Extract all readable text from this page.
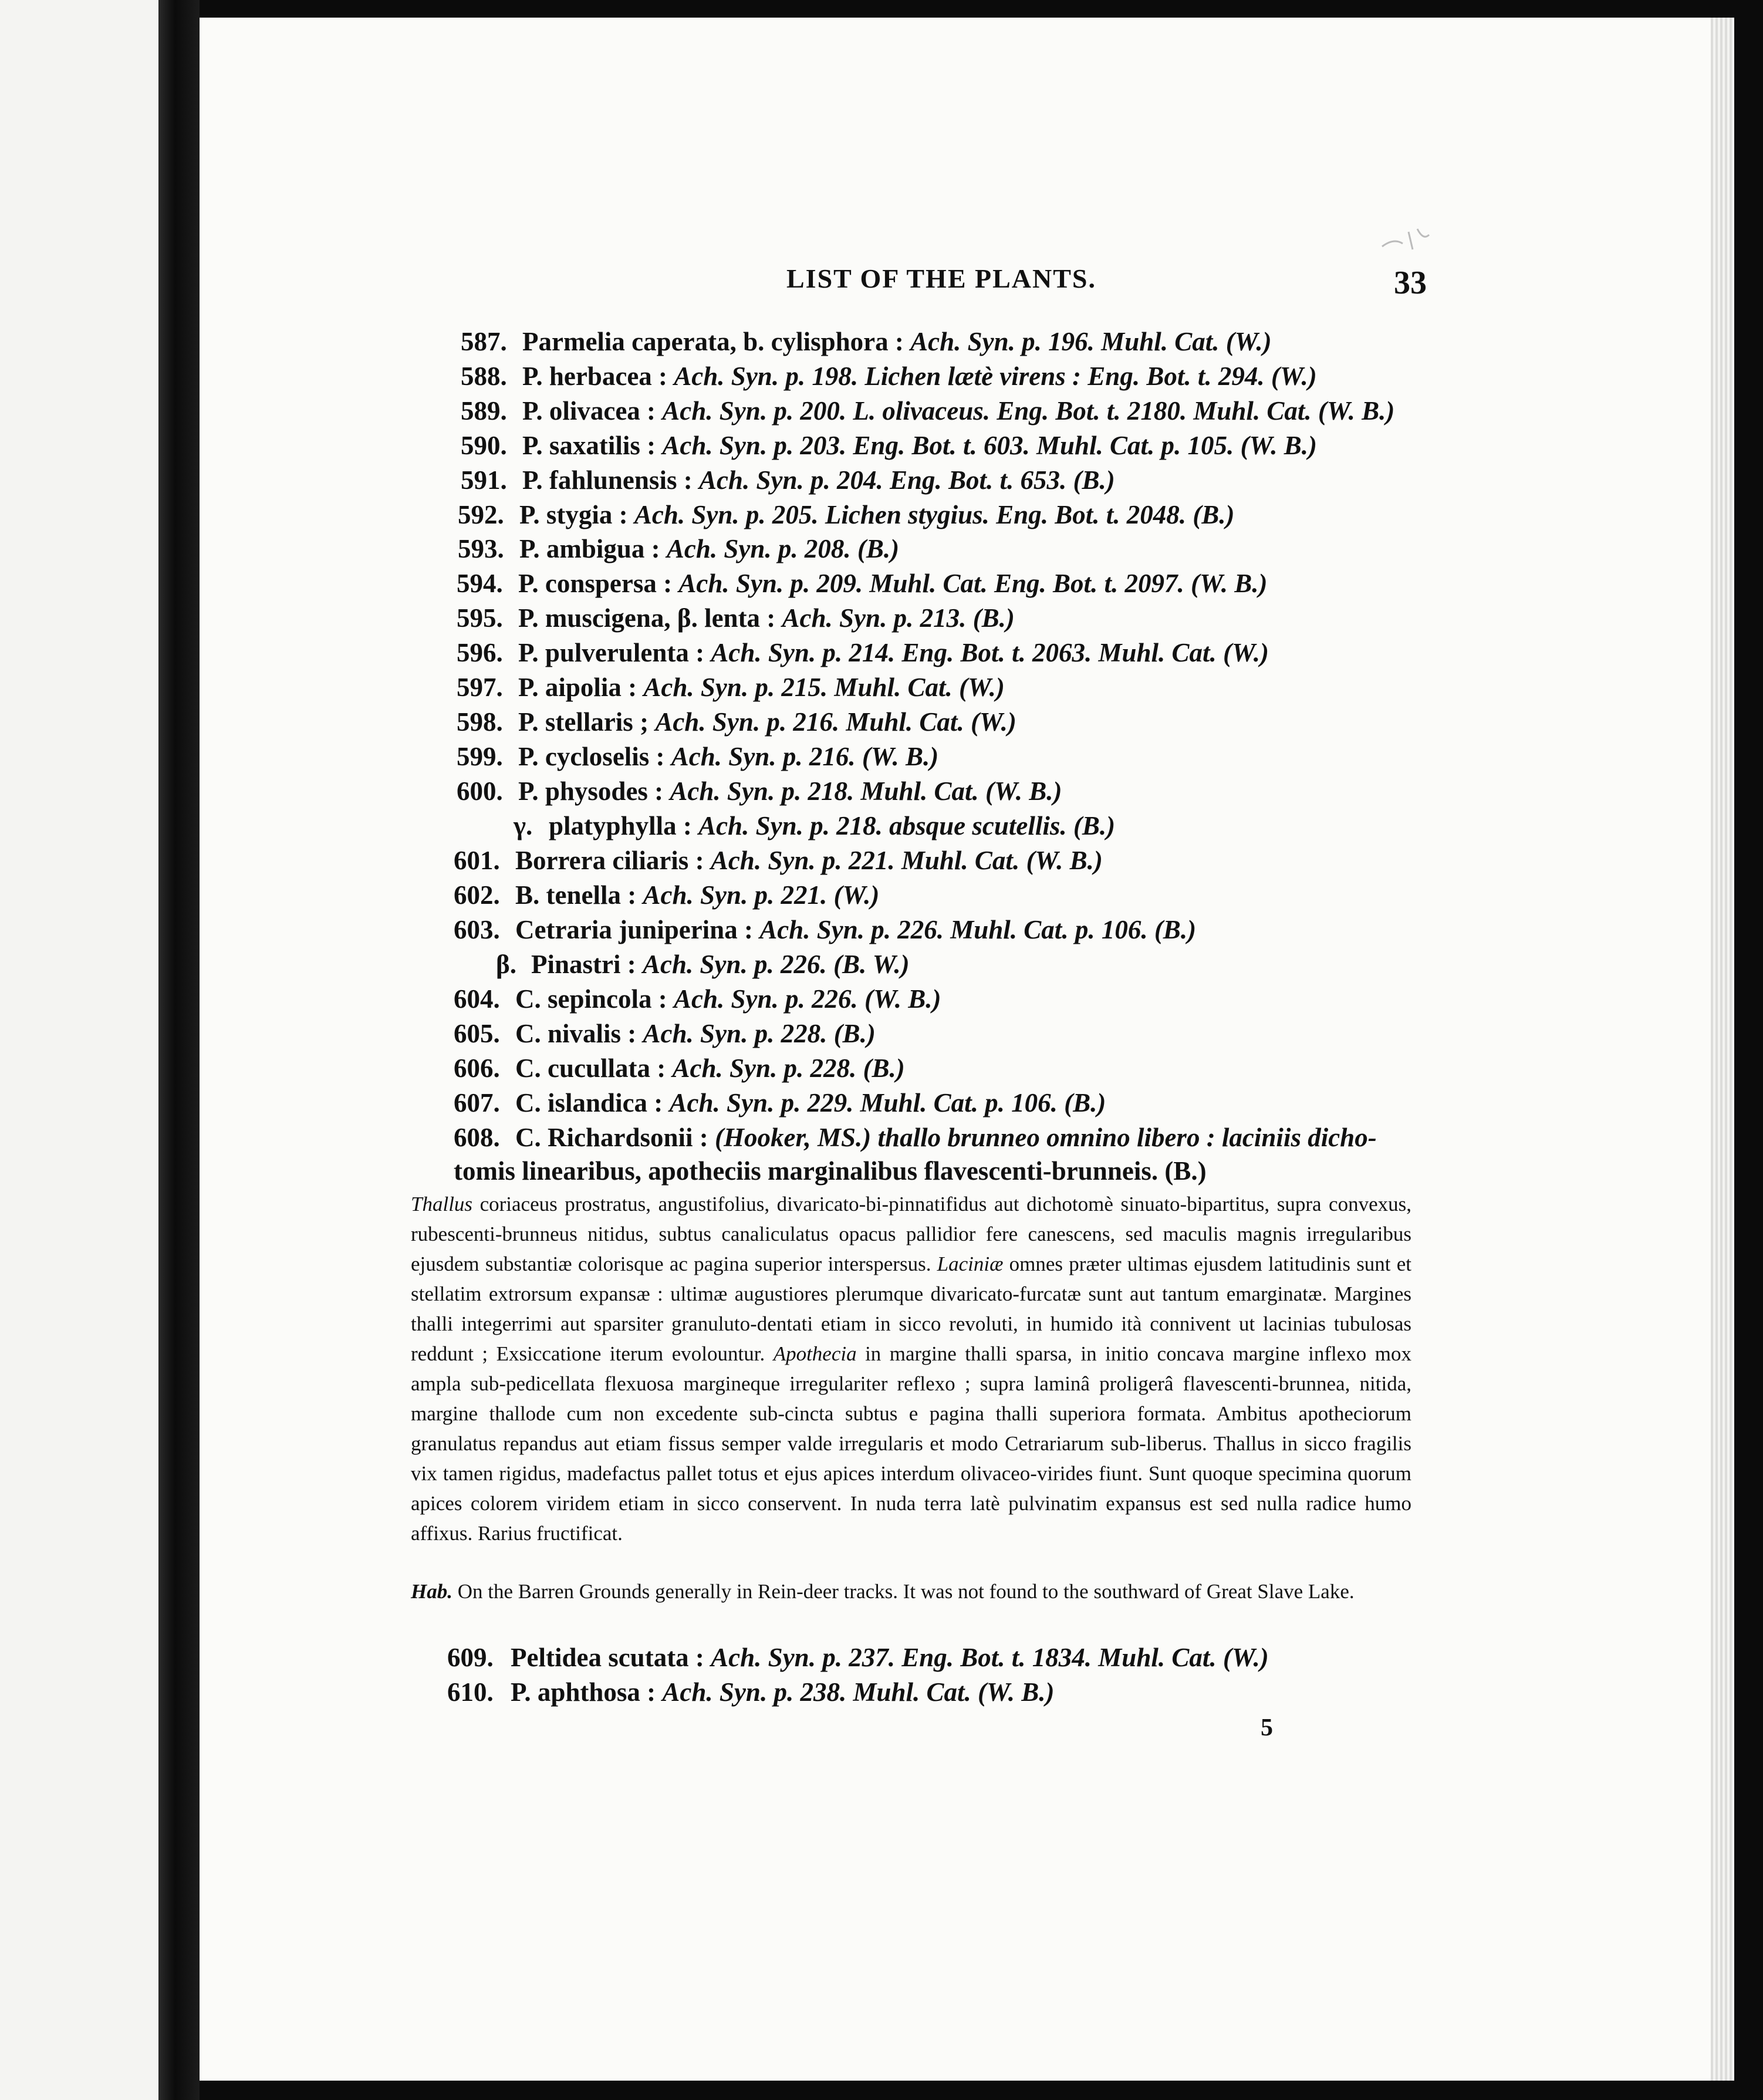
LIST OF THE PLANTS.	33
587. Parmelia caperata, b. cylisphora : Ach. Syn. p. 196. Muhl. Cat. (W.)
588. P. herbacea : Ach. Syn. p. 198. Lichen lætè virens : Eng. Bot. t. 294. (W.)
589. P. olivacea : Ach. Syn. p. 200. L. olivaceus. Eng. Bot. t. 2180. Muhl. Cat. (W. B.)
590. P. saxatilis : Ach. Syn. p. 203. Eng. Bot. t. 603. Muhl. Cat. p. 105. (W. B.)
591. P. fahlunensis : Ach. Syn. p. 204. Eng. Bot. t. 653. (B.)
592. P. stygia : Ach. Syn. p. 205. Lichen stygius. Eng. Bot. t. 2048. (B.)
593. P. ambigua : Ach. Syn. p. 208. (B.)
594. P. conspersa : Ach. Syn. p. 209. Muhl. Cat. Eng. Bot. t. 2097. (W. B.)
595. P. muscigena, β. lenta : Ach. Syn. p. 213. (B.)
596. P. pulverulenta : Ach. Syn. p. 214. Eng. Bot. t. 2063. Muhl. Cat. (W.)
597. P. aipolia : Ach. Syn. p. 215. Muhl. Cat. (W.)
598. P. stellaris ; Ach. Syn. p. 216. Muhl. Cat. (W.)
599. P. cycloselis : Ach. Syn. p. 216. (W. B.)
600. P. physodes : Ach. Syn. p. 218. Muhl. Cat. (W. B.)
γ. platyphylla : Ach. Syn. p. 218. absque scutellis. (B.)
601. Borrera ciliaris : Ach. Syn. p. 221. Muhl. Cat. (W. B.)
602. B. tenella : Ach. Syn. p. 221. (W.)
603. Cetraria juniperina : Ach. Syn. p. 226. Muhl. Cat. p. 106. (B.)
β. Pinastri : Ach. Syn. p. 226. (B. W.)
604. C. sepincola : Ach. Syn. p. 226. (W. B.)
605. C. nivalis : Ach. Syn. p. 228. (B.)
606. C. cucullata : Ach. Syn. p. 228. (B.)
607. C. islandica : Ach. Syn. p. 229. Muhl. Cat. p. 106. (B.)
608. C. Richardsonii : (Hooker, MS.) thallo brunneo omnino libero : laciniis dicho-
tomis linearibus, apotheciis marginalibus flavescenti-brunneis. (B.)
609. Peltidea scutata : Ach. Syn. p. 237. Eng. Bot. t. 1834. Muhl. Cat. (W.)
610. P. aphthosa : Ach. Syn. p. 238. Muhl. Cat. (W. B.)
Thallus coriaceus prostratus, angustifolius, divaricato-bi-pinnatifidus aut dichotomè sinuato-bipartitus, supra convexus, rubescenti-brunneus nitidus, subtus canaliculatus opacus pallidior fere canescens, sed maculis magnis irregularibus ejusdem substantiæ colorisque ac pagina superior interspersus. Laciniæ omnes præter ultimas ejusdem latitudinis sunt et stellatim extrorsum expansæ : ultimæ augustiores plerumque divaricato-furcatæ sunt aut tantum emarginatæ. Margines thalli integerrimi aut sparsiter granuluto-dentati etiam in sicco revoluti, in humido ità connivent ut lacinias tubulosas reddunt ; Exsiccatione iterum evolountur. Apothecia in margine thalli sparsa, in initio concava margine inflexo mox ampla sub-pedicellata flexuosa margineque irregulariter reflexo ; supra laminâ proligerâ flavescenti-brunnea, nitida, margine thallode cum non excedente sub-cincta subtus e pagina thalli superiora formata. Ambitus apotheciorum granulatus repandus aut etiam fissus semper valde irregularis et modo Cetrariarum sub-liberus. Thallus in sicco fragilis vix tamen rigidus, madefactus pallet totus et ejus apices interdum olivaceo-virides fiunt. Sunt quoque specimina quorum apices colorem viridem etiam in sicco conservent. In nuda terra latè pulvinatim expansus est sed nulla radice humo affixus. Rarius fructificat.
Hab. On the Barren Grounds generally in Rein-deer tracks. It was not found to the southward of Great Slave Lake.
5
